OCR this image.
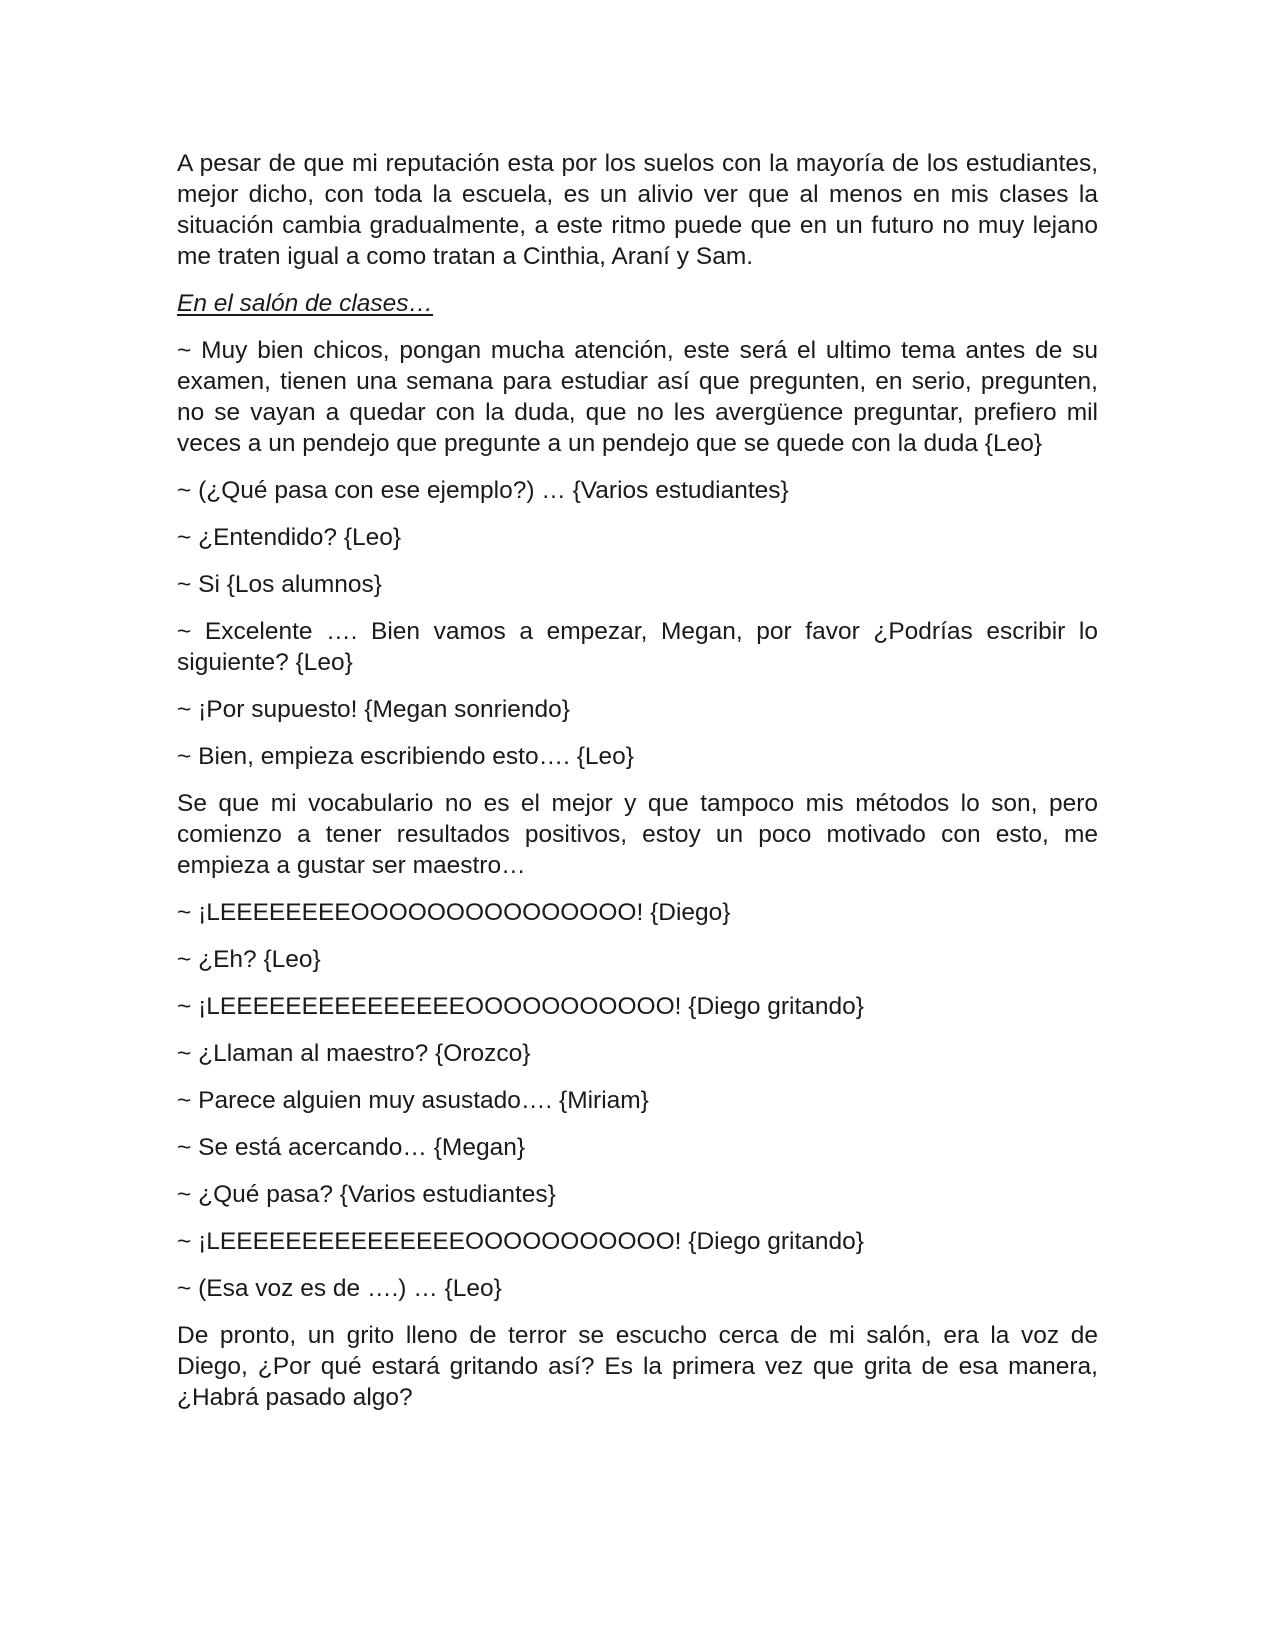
A pesar de que mi reputación esta por los suelos con la mayoría de los estudiantes, mejor dicho, con toda la escuela, es un alivio ver que al menos en mis clases la situación cambia gradualmente, a este ritmo puede que en un futuro no muy lejano me traten igual a como tratan a Cinthia, Araní y Sam.

En el salón de clases…

~ Muy bien chicos, pongan mucha atención, este será el ultimo tema antes de su examen, tienen una semana para estudiar así que pregunten, en serio, pregunten, no se vayan a quedar con la duda, que no les avergüence preguntar, prefiero mil veces a un pendejo que pregunte a un pendejo que se quede con la duda {Leo}

~ (¿Qué pasa con ese ejemplo?) … {Varios estudiantes}

~ ¿Entendido? {Leo}

~ Si {Los alumnos}

~ Excelente …. Bien vamos a empezar, Megan, por favor ¿Podrías escribir lo siguiente? {Leo}

~ ¡Por supuesto! {Megan sonriendo}

~ Bien, empieza escribiendo esto…. {Leo}

Se que mi vocabulario no es el mejor y que tampoco mis métodos lo son, pero comienzo a tener resultados positivos, estoy un poco motivado con esto, me empieza a gustar ser maestro…

~ ¡LEEEEEEEEOOOOOOOOOOOOOOO! {Diego}

~ ¿Eh? {Leo}

~ ¡LEEEEEEEEEEEEEEEOOOOOOOOOOO! {Diego gritando}

~ ¿Llaman al maestro? {Orozco}

~ Parece alguien muy asustado…. {Miriam}

~ Se está acercando… {Megan}

~ ¿Qué pasa? {Varios estudiantes}

~ ¡LEEEEEEEEEEEEEEEOOOOOOOOOOO! {Diego gritando}

~ (Esa voz es de ….) … {Leo}

De pronto, un grito lleno de terror se escucho cerca de mi salón, era la voz de Diego, ¿Por qué estará gritando así? Es la primera vez que grita de esa manera, ¿Habrá pasado algo?
